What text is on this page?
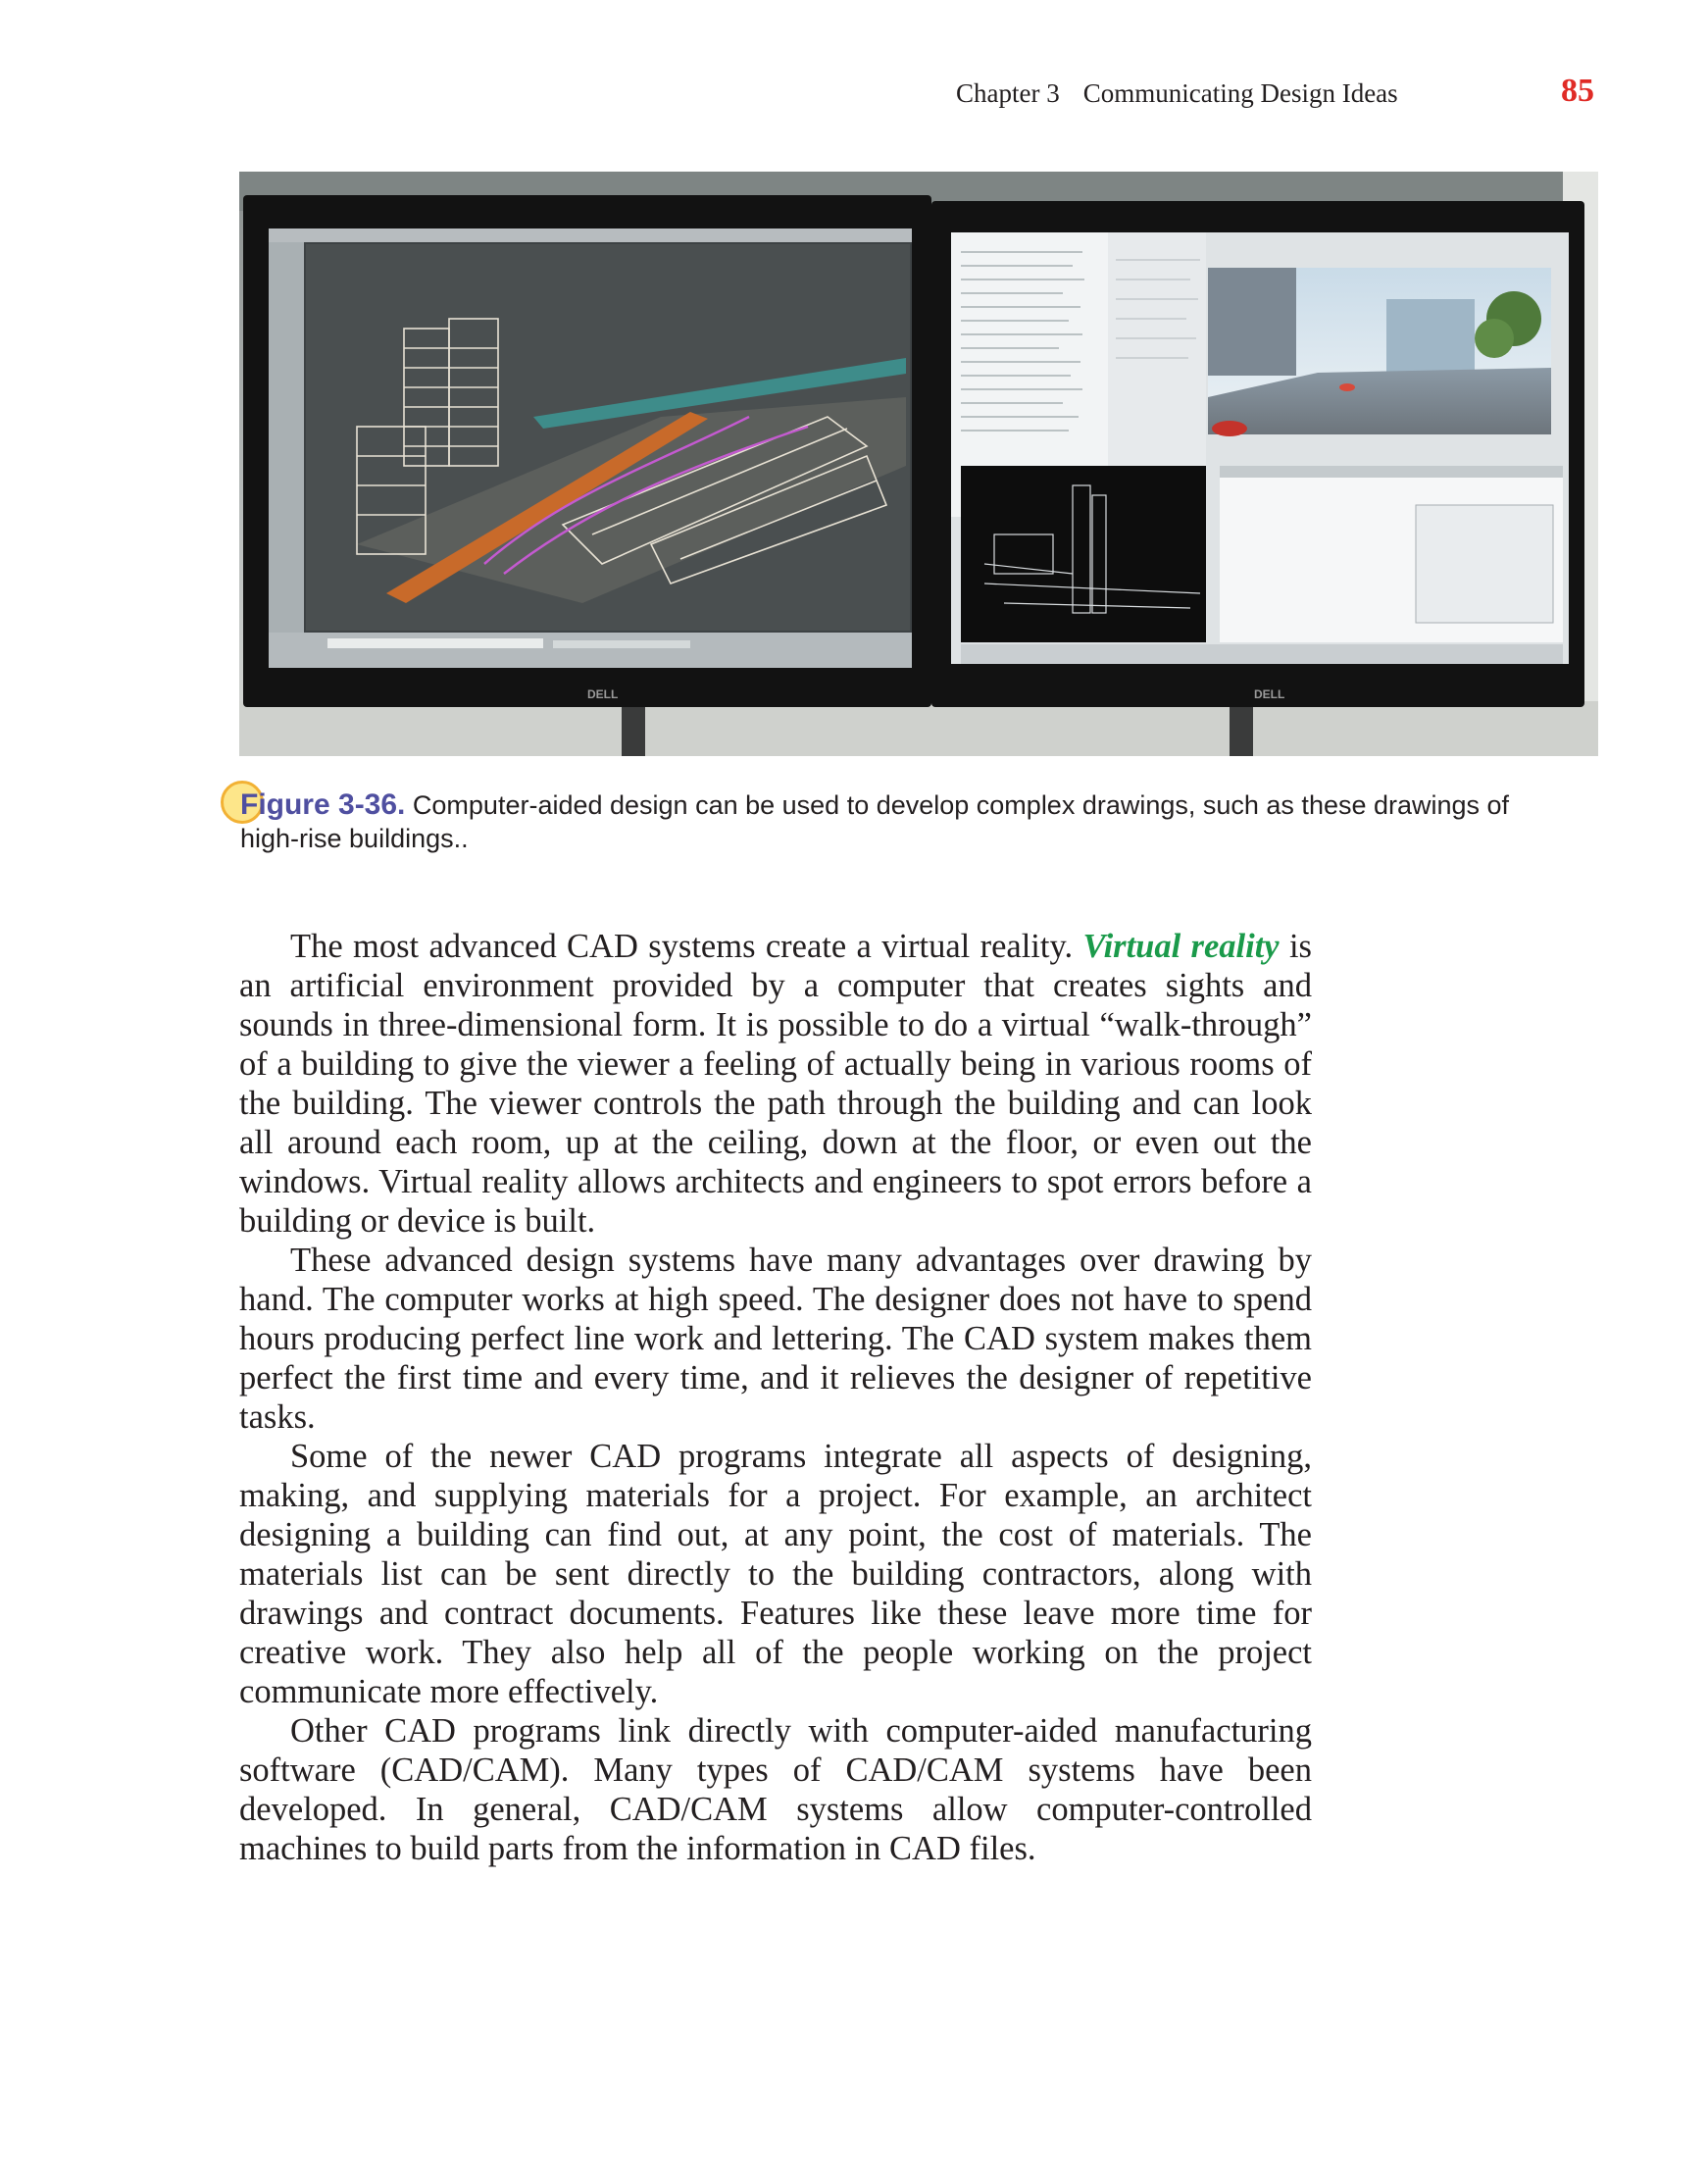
Chapter 3 Communicating Design Ideas	85
DELL	DELL
Figure 3-36. Computer-aided design can be used to develop complex drawings, such as these drawings of high-rise buildings..

The most advanced CAD systems create a virtual reality. Virtual reality is an artificial environment provided by a computer that creates sights and sounds in three-dimensional form. It is possible to do a virtual “walk-through” of a building to give the viewer a feeling of actually being in various rooms of the building. The viewer controls the path through the building and can look all around each room, up at the ceiling, down at the floor, or even out the windows. Virtual reality allows architects and engineers to spot errors before a building or device is built.

These advanced design systems have many advantages over drawing by hand. The computer works at high speed. The designer does not have to spend hours producing perfect line work and lettering. The CAD system makes them perfect the first time and every time, and it relieves the designer of repetitive tasks.

Some of the newer CAD programs integrate all aspects of designing, making, and supplying materials for a project. For example, an architect designing a building can find out, at any point, the cost of materials. The materials list can be sent directly to the building contractors, along with drawings and contract documents. Features like these leave more time for creative work. They also help all of the people working on the project communicate more effectively.

Other CAD programs link directly with computer-aided manufacturing software (CAD/CAM). Many types of CAD/CAM systems have been developed. In general, CAD/CAM systems allow computer-controlled machines to build parts from the information in CAD files.
